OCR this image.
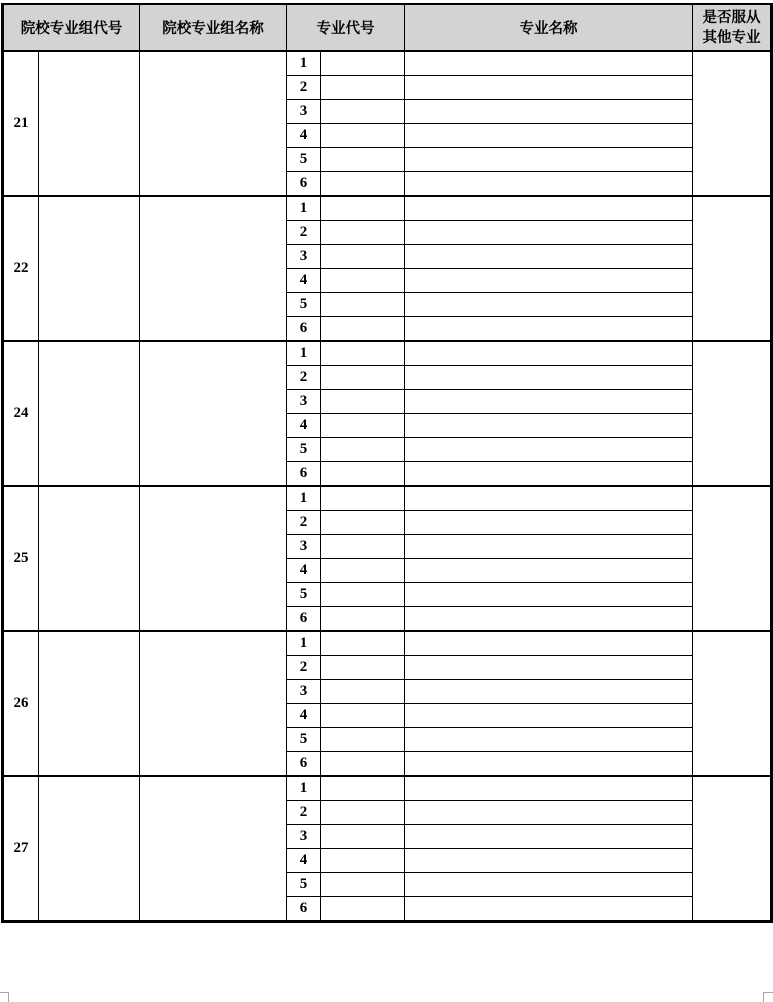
院校专业组代号		院校专业组名称	专业代号		专业名称	是否服从
其他专业

21			1			
			2			
			3			
			4			
			5			
			6			
22			1			
			2			
			3			
			4			
			5			
			6			
24			1			
			2			
			3			
			4			
			5			
			6			
25			1			
			2			
			3			
			4			
			5			
			6			
26			1			
			2			
			3			
			4			
			5			
			6			
27			1			
			2			
			3			
			4			
			5			
			6			
